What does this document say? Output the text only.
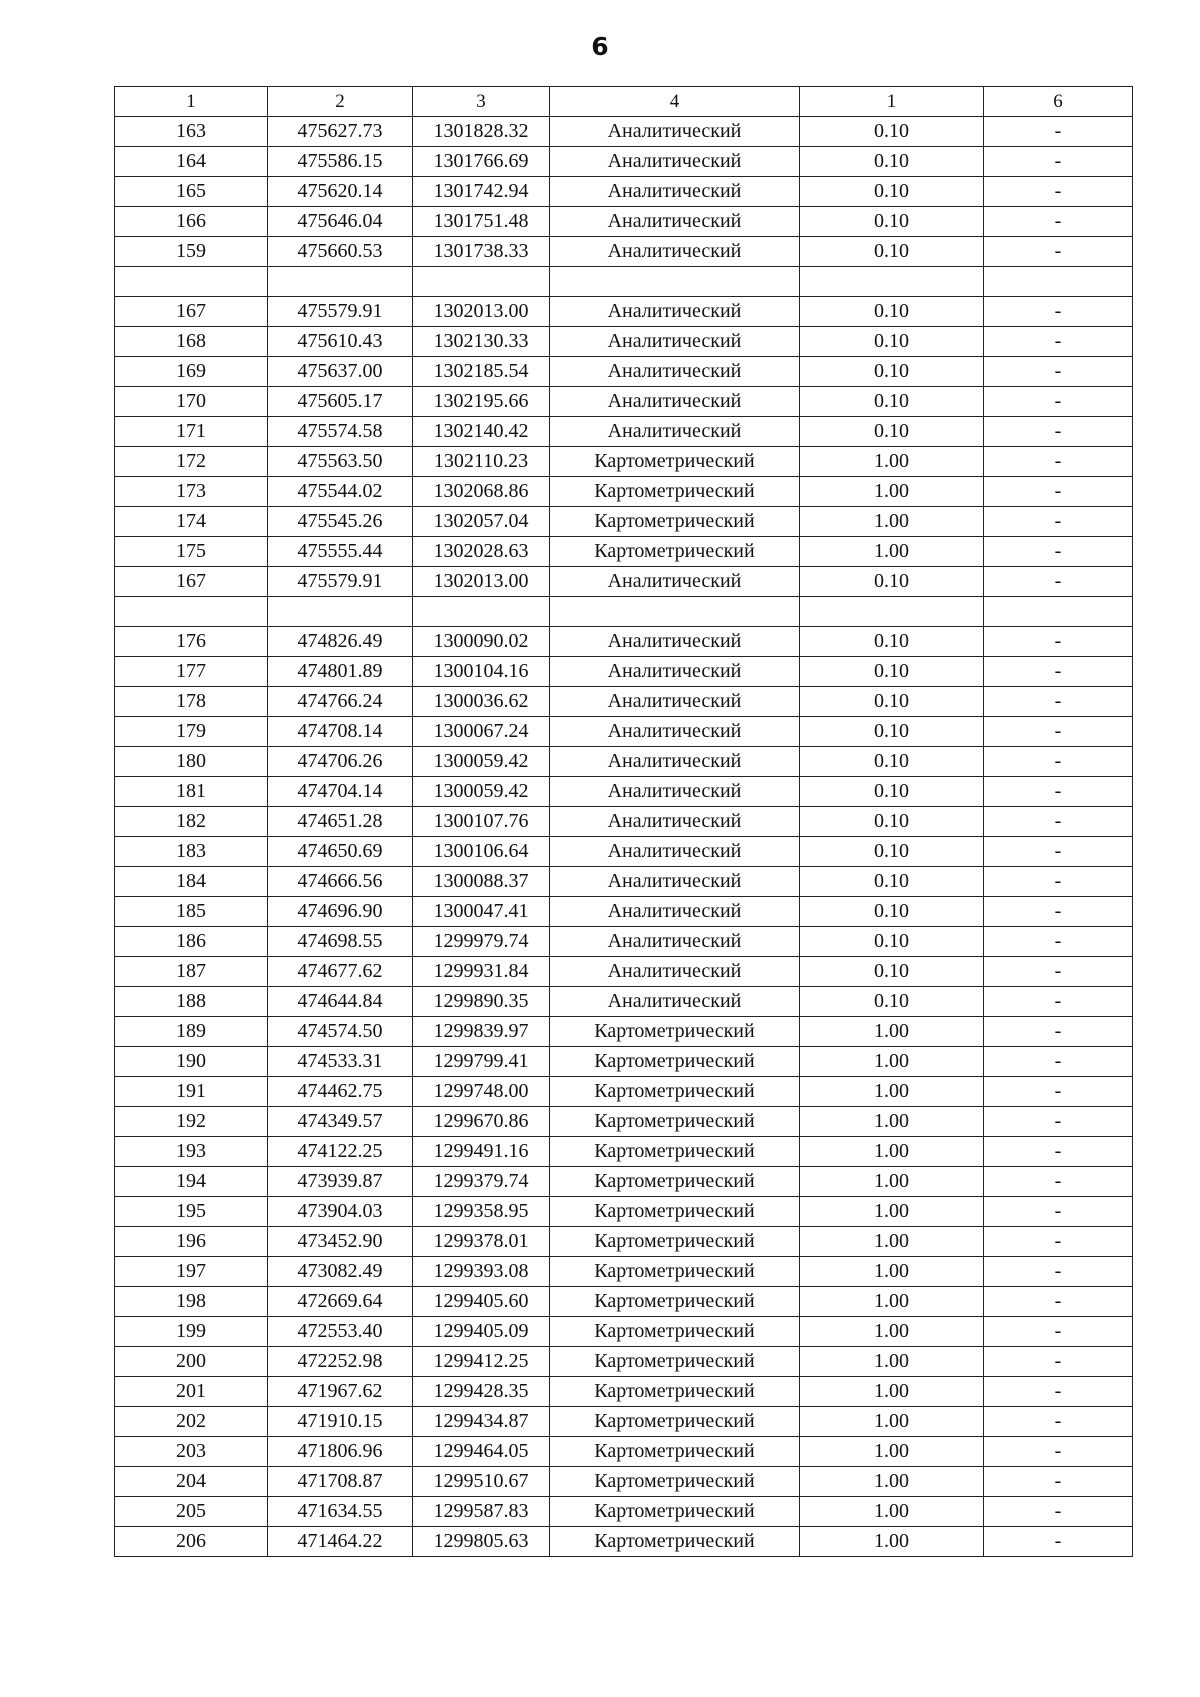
6
1	2	3	4	1	6
163	475627.73	1301828.32	Аналитический	0.10	-
164	475586.15	1301766.69	Аналитический	0.10	-
165	475620.14	1301742.94	Аналитический	0.10	-
166	475646.04	1301751.48	Аналитический	0.10	-
159	475660.53	1301738.33	Аналитический	0.10	-

167	475579.91	1302013.00	Аналитический	0.10	-
168	475610.43	1302130.33	Аналитический	0.10	-
169	475637.00	1302185.54	Аналитический	0.10	-
170	475605.17	1302195.66	Аналитический	0.10	-
171	475574.58	1302140.42	Аналитический	0.10	-
172	475563.50	1302110.23	Картометрический	1.00	-
173	475544.02	1302068.86	Картометрический	1.00	-
174	475545.26	1302057.04	Картометрический	1.00	-
175	475555.44	1302028.63	Картометрический	1.00	-
167	475579.91	1302013.00	Аналитический	0.10	-

176	474826.49	1300090.02	Аналитический	0.10	-
177	474801.89	1300104.16	Аналитический	0.10	-
178	474766.24	1300036.62	Аналитический	0.10	-
179	474708.14	1300067.24	Аналитический	0.10	-
180	474706.26	1300059.42	Аналитический	0.10	-
181	474704.14	1300059.42	Аналитический	0.10	-
182	474651.28	1300107.76	Аналитический	0.10	-
183	474650.69	1300106.64	Аналитический	0.10	-
184	474666.56	1300088.37	Аналитический	0.10	-
185	474696.90	1300047.41	Аналитический	0.10	-
186	474698.55	1299979.74	Аналитический	0.10	-
187	474677.62	1299931.84	Аналитический	0.10	-
188	474644.84	1299890.35	Аналитический	0.10	-
189	474574.50	1299839.97	Картометрический	1.00	-
190	474533.31	1299799.41	Картометрический	1.00	-
191	474462.75	1299748.00	Картометрический	1.00	-
192	474349.57	1299670.86	Картометрический	1.00	-
193	474122.25	1299491.16	Картометрический	1.00	-
194	473939.87	1299379.74	Картометрический	1.00	-
195	473904.03	1299358.95	Картометрический	1.00	-
196	473452.90	1299378.01	Картометрический	1.00	-
197	473082.49	1299393.08	Картометрический	1.00	-
198	472669.64	1299405.60	Картометрический	1.00	-
199	472553.40	1299405.09	Картометрический	1.00	-
200	472252.98	1299412.25	Картометрический	1.00	-
201	471967.62	1299428.35	Картометрический	1.00	-
202	471910.15	1299434.87	Картометрический	1.00	-
203	471806.96	1299464.05	Картометрический	1.00	-
204	471708.87	1299510.67	Картометрический	1.00	-
205	471634.55	1299587.83	Картометрический	1.00	-
206	471464.22	1299805.63	Картометрический	1.00	-
